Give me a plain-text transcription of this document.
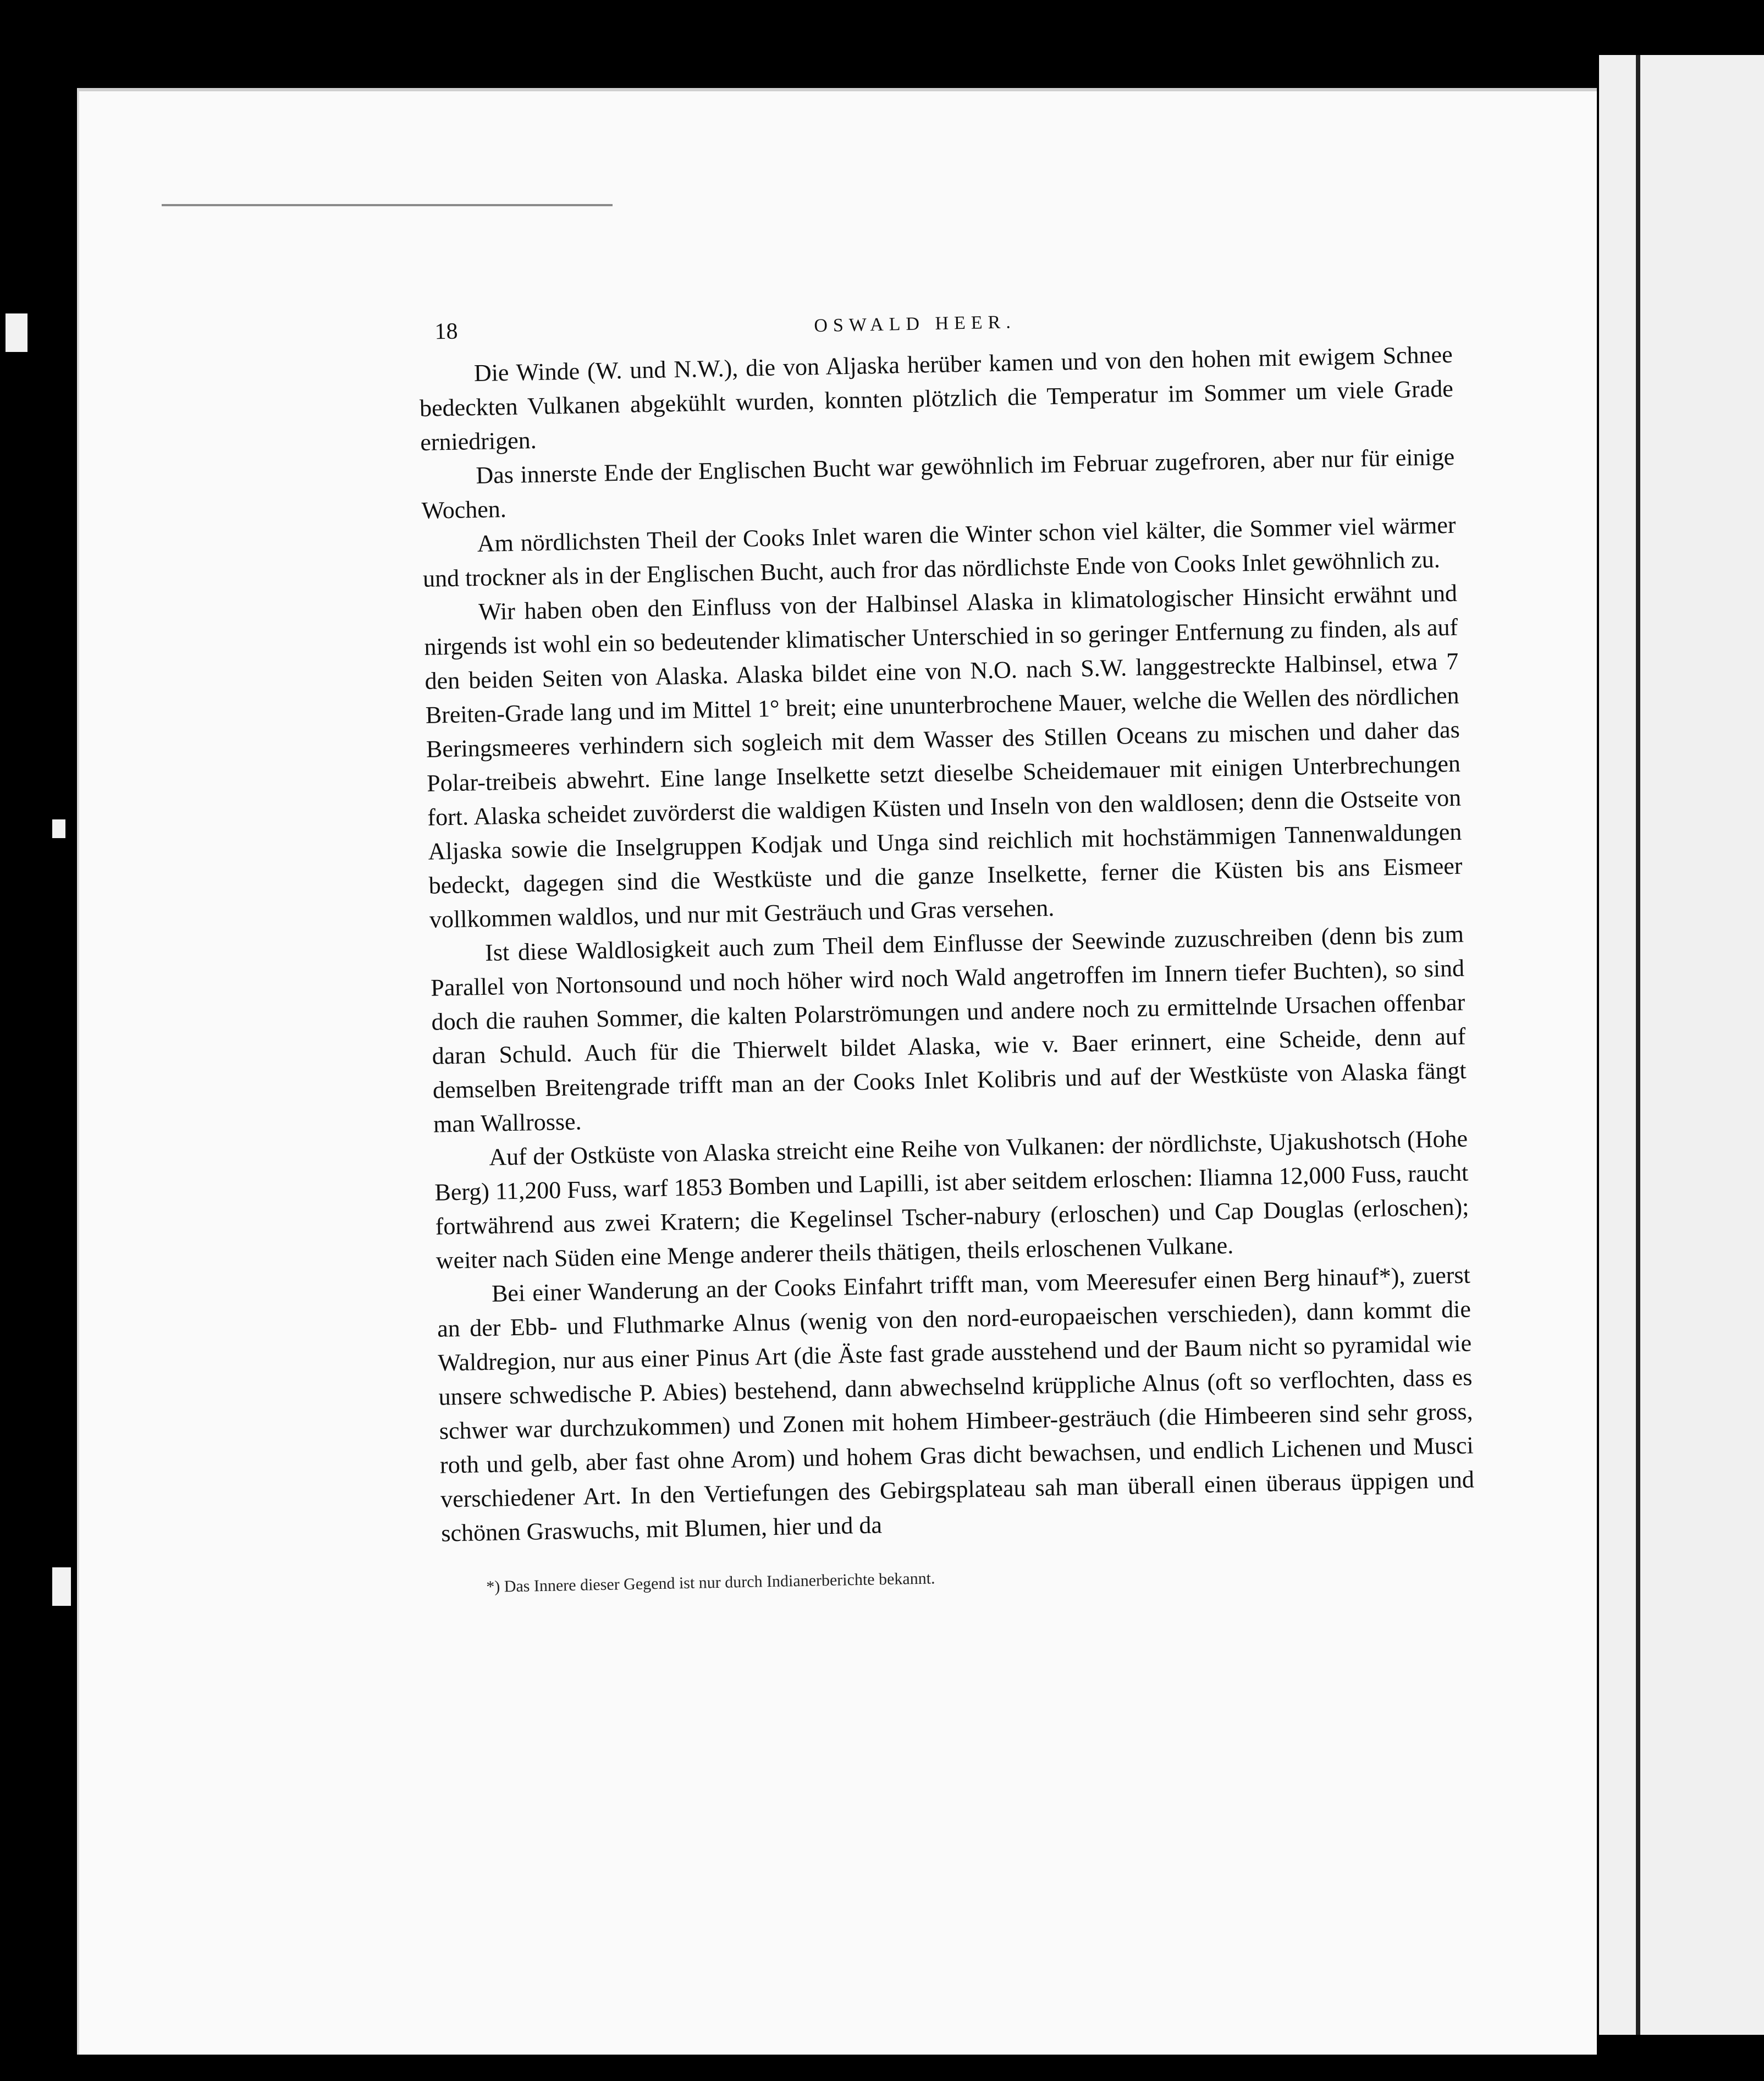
18	OSWALD HEER.

Die Winde (W. und N.W.), die von Aljaska herüber kamen und von den hohen mit ewigem Schnee bedeckten Vulkanen abgekühlt wurden, konnten plötzlich die Temperatur im Sommer um viele Grade erniedrigen.

Das innerste Ende der Englischen Bucht war gewöhnlich im Februar zugefroren, aber nur für einige Wochen.

Am nördlichsten Theil der Cooks Inlet waren die Winter schon viel kälter, die Sommer viel wärmer und trockner als in der Englischen Bucht, auch fror das nördlichste Ende von Cooks Inlet gewöhnlich zu.

Wir haben oben den Einfluss von der Halbinsel Alaska in klimatologischer Hinsicht erwähnt und nirgends ist wohl ein so bedeutender klimatischer Unterschied in so geringer Entfernung zu finden, als auf den beiden Seiten von Alaska. Alaska bildet eine von N.O. nach S.W. langgestreckte Halbinsel, etwa 7 Breiten-Grade lang und im Mittel 1° breit; eine ununterbrochene Mauer, welche die Wellen des nördlichen Beringsmeeres verhindern sich sogleich mit dem Wasser des Stillen Oceans zu mischen und daher das Polar-treibeis abwehrt. Eine lange Inselkette setzt dieselbe Scheidemauer mit einigen Unterbrechungen fort. Alaska scheidet zuvörderst die waldigen Küsten und Inseln von den waldlosen; denn die Ostseite von Aljaska sowie die Inselgruppen Kodjak und Unga sind reichlich mit hochstämmigen Tannenwaldungen bedeckt, dagegen sind die Westküste und die ganze Inselkette, ferner die Küsten bis ans Eismeer vollkommen waldlos, und nur mit Gesträuch und Gras versehen.

Ist diese Waldlosigkeit auch zum Theil dem Einflusse der Seewinde zuzuschreiben (denn bis zum Parallel von Nortonsound und noch höher wird noch Wald angetroffen im Innern tiefer Buchten), so sind doch die rauhen Sommer, die kalten Polarströmungen und andere noch zu ermittelnde Ursachen offenbar daran Schuld. Auch für die Thierwelt bildet Alaska, wie v. Baer erinnert, eine Scheide, denn auf demselben Breitengrade trifft man an der Cooks Inlet Kolibris und auf der Westküste von Alaska fängt man Wallrosse.

Auf der Ostküste von Alaska streicht eine Reihe von Vulkanen: der nördlichste, Ujakushotsch (Hohe Berg) 11,200 Fuss, warf 1853 Bomben und Lapilli, ist aber seitdem erloschen: Iliamna 12,000 Fuss, raucht fortwährend aus zwei Kratern; die Kegelinsel Tscher-nabury (erloschen) und Cap Douglas (erloschen); weiter nach Süden eine Menge anderer theils thätigen, theils erloschenen Vulkane.

Bei einer Wanderung an der Cooks Einfahrt trifft man, vom Meeresufer einen Berg hinauf*), zuerst an der Ebb- und Fluthmarke Alnus (wenig von den nord-europaeischen verschieden), dann kommt die Waldregion, nur aus einer Pinus Art (die Äste fast grade ausstehend und der Baum nicht so pyramidal wie unsere schwedische P. Abies) bestehend, dann abwechselnd krüppliche Alnus (oft so verflochten, dass es schwer war durchzukommen) und Zonen mit hohem Himbeer-gesträuch (die Himbeeren sind sehr gross, roth und gelb, aber fast ohne Arom) und hohem Gras dicht bewachsen, und endlich Lichenen und Musci verschiedener Art. In den Vertiefungen des Gebirgsplateau sah man überall einen überaus üppigen und schönen Graswuchs, mit Blumen, hier und da

*) Das Innere dieser Gegend ist nur durch Indianerberichte bekannt.
